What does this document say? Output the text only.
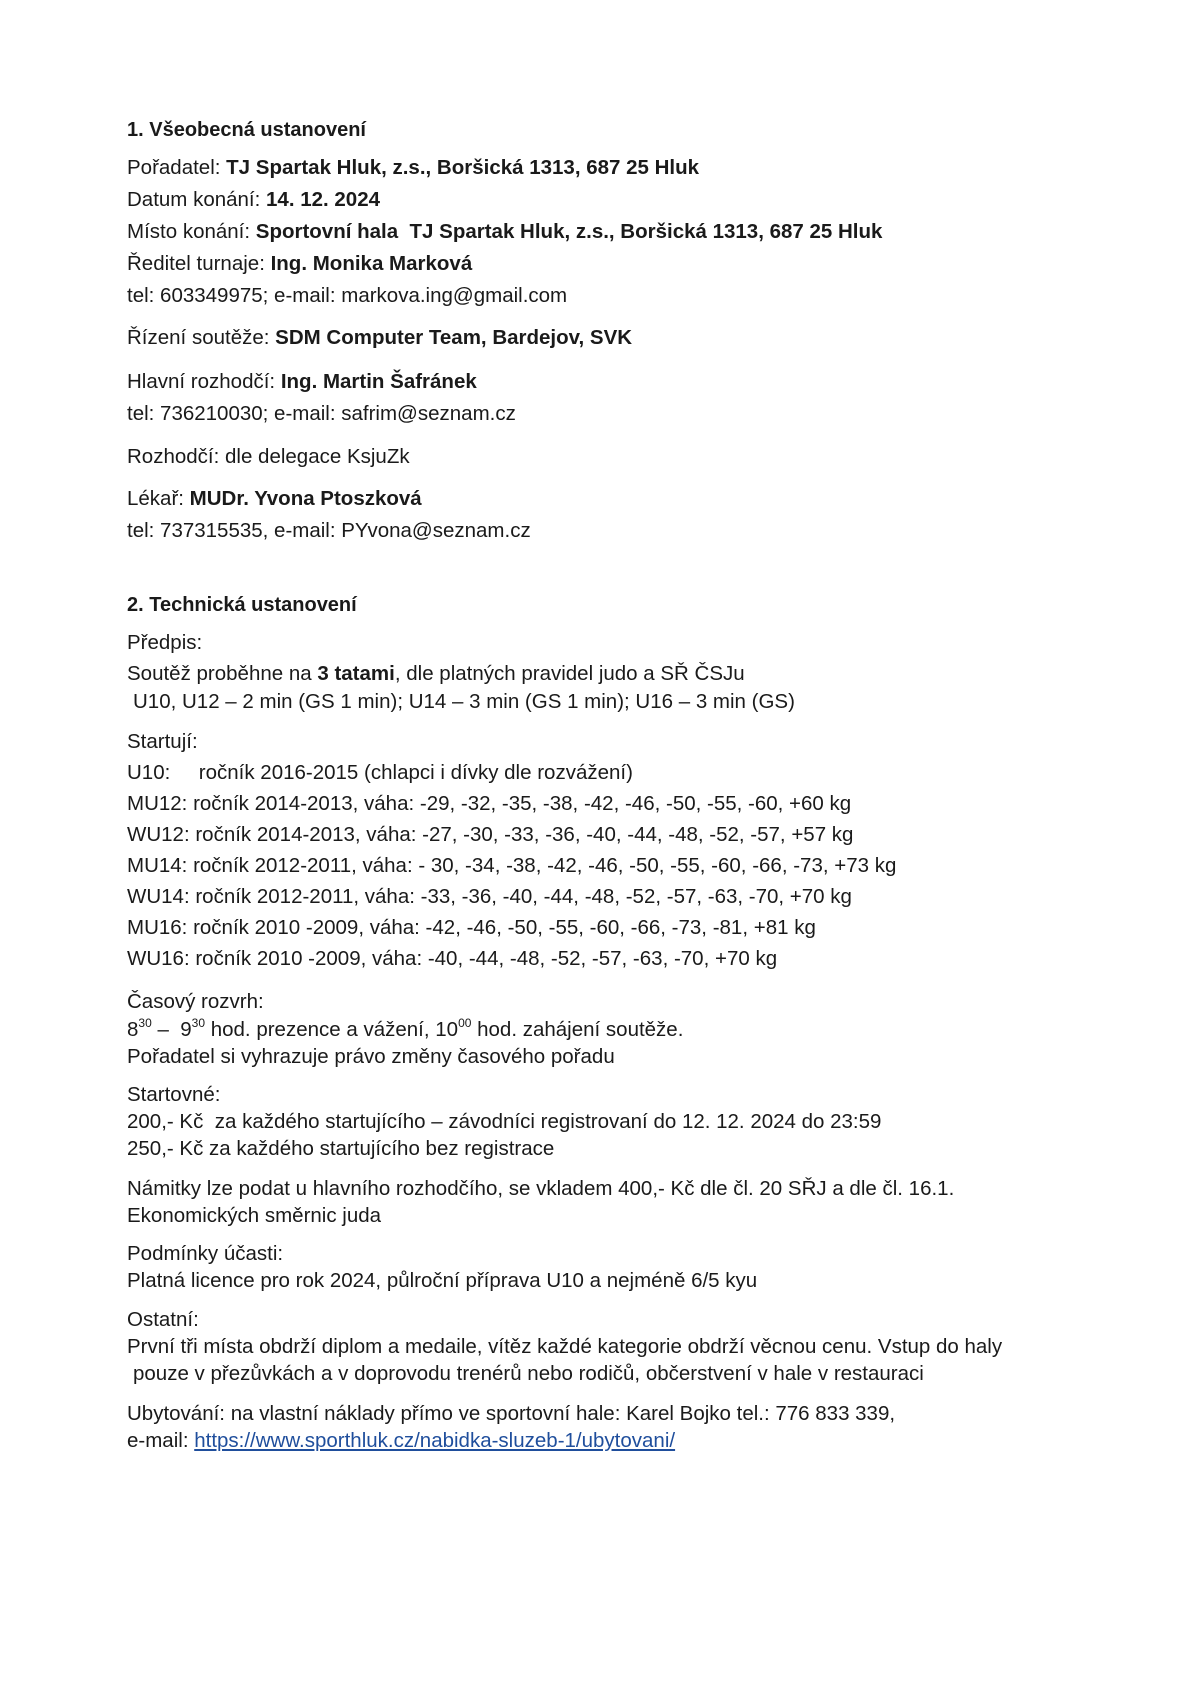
1. Všeobecná ustanovení
Pořadatel: TJ Spartak Hluk, z.s., Boršická 1313, 687 25 Hluk
Datum konání: 14. 12. 2024
Místo konání: Sportovní hala  TJ Spartak Hluk, z.s., Boršická 1313, 687 25 Hluk
Ředitel turnaje: Ing. Monika Marková
tel: 603349975; e-mail: markova.ing@gmail.com
Řízení soutěže: SDM Computer Team, Bardejov, SVK
Hlavní rozhodčí: Ing. Martin Šafránek
tel: 736210030; e-mail: safrim@seznam.cz
Rozhodčí: dle delegace KsjuZk
Lékař: MUDr. Yvona Ptoszková
tel: 737315535, e-mail: PYvona@seznam.cz
2. Technická ustanovení
Předpis:
Soutěž proběhne na 3 tatami, dle platných pravidel judo a SŘ ČSJu
U10, U12 – 2 min (GS 1 min); U14 – 3 min (GS 1 min); U16 – 3 min (GS)
Startují:
U10:     ročník 2016-2015 (chlapci i dívky dle rozvážení)
MU12: ročník 2014-2013, váha: -29, -32, -35, -38, -42, -46, -50, -55, -60, +60 kg
WU12: ročník 2014-2013, váha: -27, -30, -33, -36, -40, -44, -48, -52, -57, +57 kg
MU14: ročník 2012-2011, váha: - 30, -34, -38, -42, -46, -50, -55, -60, -66, -73, +73 kg
WU14: ročník 2012-2011, váha: -33, -36, -40, -44, -48, -52, -57, -63, -70, +70 kg
MU16: ročník 2010 -2009, váha: -42, -46, -50, -55, -60, -66, -73, -81, +81 kg
WU16: ročník 2010 -2009, váha: -40, -44, -48, -52, -57, -63, -70, +70 kg
Časový rozvrh:
$8^{30} - 9^{30}$ hod. prezence a vážení, $10^{00}$ hod. zahájení soutěže.
Pořadatel si vyhrazuje právo změny časového pořadu
Startovné:
200,- Kč  za každého startujícího – závodníci registrovaní do 12. 12. 2024 do 23:59
250,- Kč za každého startujícího bez registrace
Námitky lze podat u hlavního rozhodčího, se vkladem 400,- Kč dle čl. 20 SŘJ a dle čl. 16.1.
Ekonomických směrnic juda
Podmínky účasti:
Platná licence pro rok 2024, půlroční příprava U10 a nejméně 6/5 kyu
Ostatní:
První tři místa obdrží diplom a medaile, vítěz každé kategorie obdrží věcnou cenu. Vstup do haly
pouze v přezůvkách a v doprovodu trenérů nebo rodičů, občerstvení v hale v restauraci
Ubytování: na vlastní náklady přímo ve sportovní hale: Karel Bojko tel.: 776 833 339,
e-mail: https://www.sporthluk.cz/nabidka-sluzeb-1/ubytovani/
